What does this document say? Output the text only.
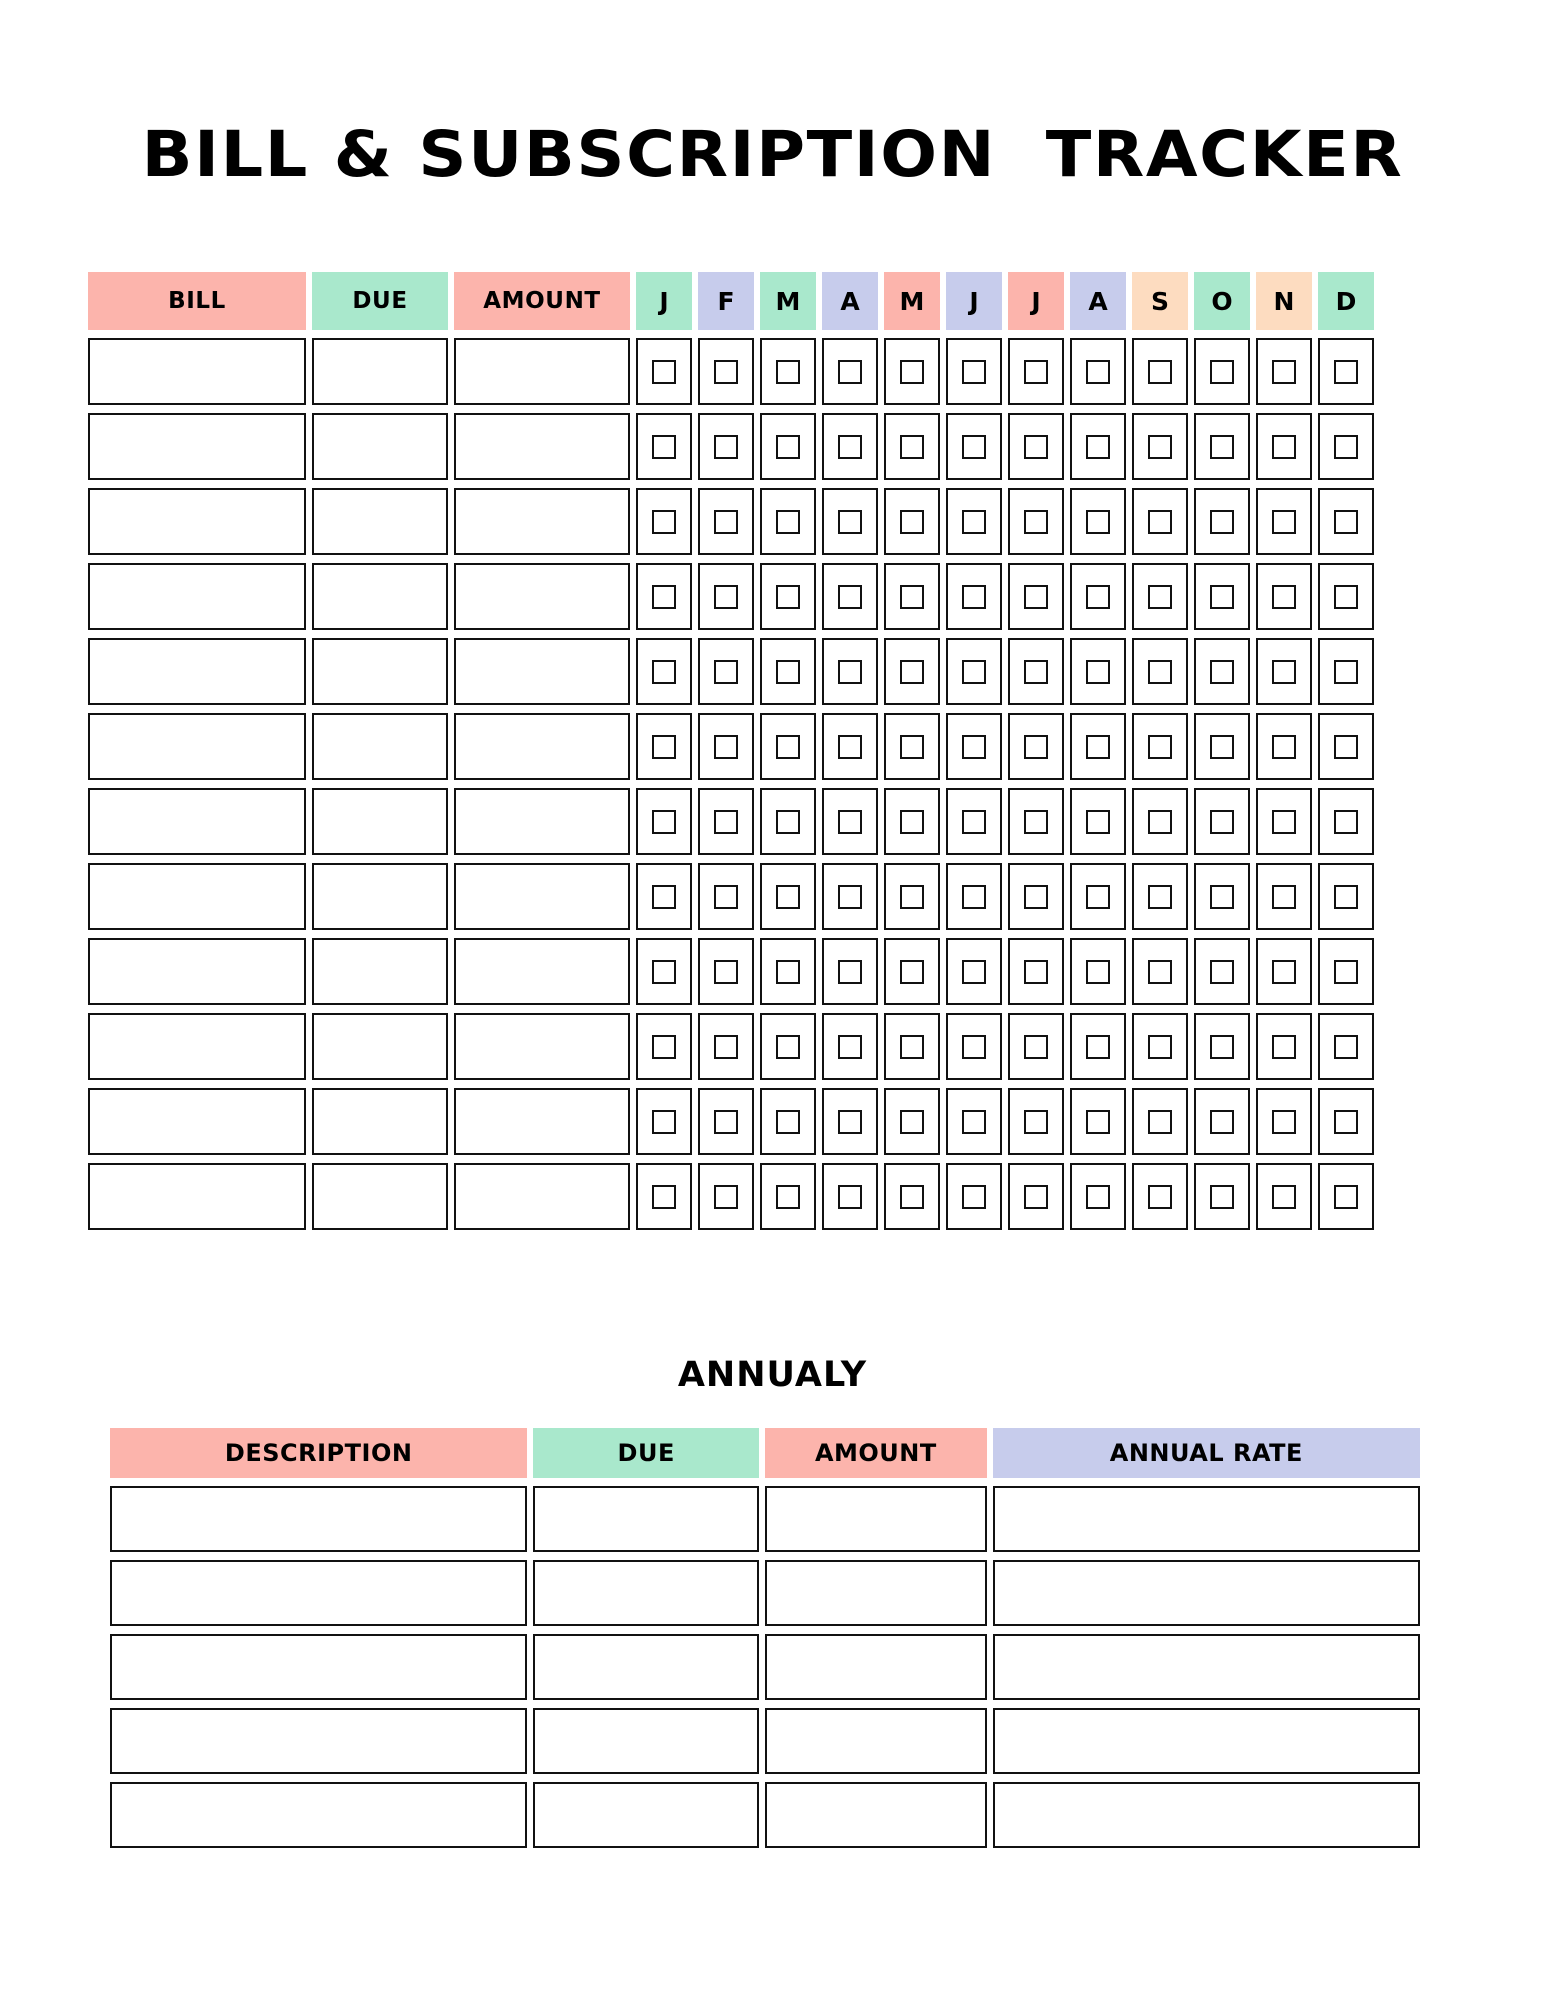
BILL & SUBSCRIPTION  TRACKER
BILL	DUE	AMOUNT	J	F	M	A	M	J	J	A	S	O	N	D
ANNUALY
DESCRIPTION	DUE	AMOUNT	ANNUAL RATE
